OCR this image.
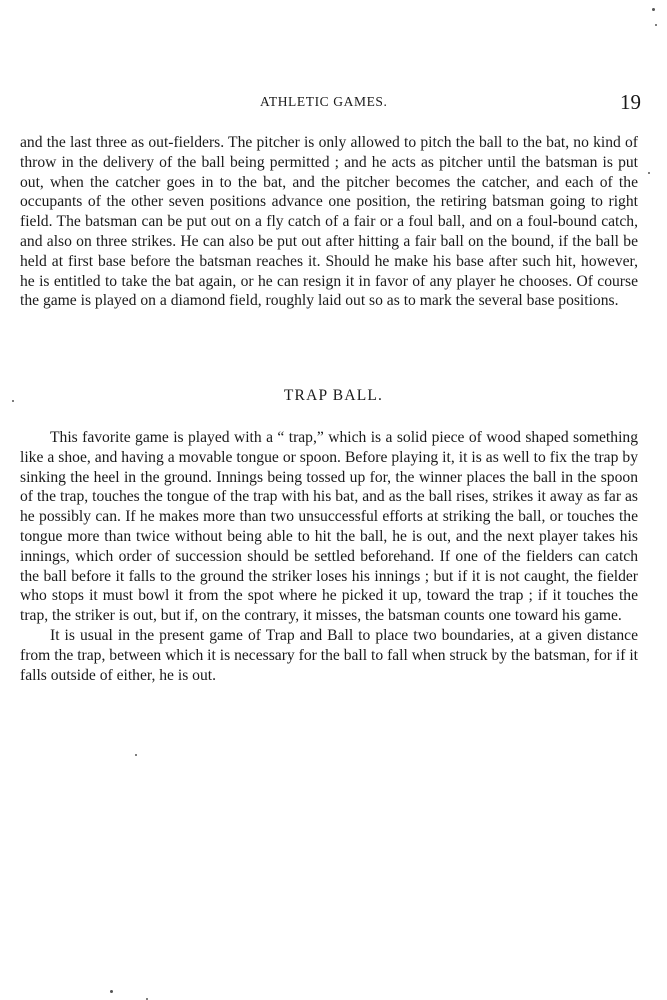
ATHLETIC GAMES.	19

and the last three as out-fielders. The pitcher is only allowed to pitch the ball to the bat, no kind of throw in the delivery of the ball being permitted ; and he acts as pitcher until the batsman is put out, when the catcher goes in to the bat, and the pitcher becomes the catcher, and each of the occupants of the other seven positions advance one position, the retiring batsman going to right field. The batsman can be put out on a fly catch of a fair or a foul ball, and on a foul-bound catch, and also on three strikes. He can also be put out after hitting a fair ball on the bound, if the ball be held at first base before the batsman reaches it. Should he make his base after such hit, however, he is entitled to take the bat again, or he can resign it in favor of any player he chooses. Of course the game is played on a diamond field, roughly laid out so as to mark the several base positions.

TRAP BALL.

This favorite game is played with a “ trap,” which is a solid piece of wood shaped something like a shoe, and having a movable tongue or spoon. Before playing it, it is as well to fix the trap by sinking the heel in the ground. Innings being tossed up for, the winner places the ball in the spoon of the trap, touches the tongue of the trap with his bat, and as the ball rises, strikes it away as far as he possibly can. If he makes more than two unsuccessful efforts at striking the ball, or touches the tongue more than twice without being able to hit the ball, he is out, and the next player takes his innings, which order of succession should be settled beforehand. If one of the fielders can catch the ball before it falls to the ground the striker loses his innings ; but if it is not caught, the fielder who stops it must bowl it from the spot where he picked it up, toward the trap ; if it touches the trap, the striker is out, but if, on the contrary, it misses, the batsman counts one toward his game.

It is usual in the present game of Trap and Ball to place two boundaries, at a given distance from the trap, between which it is necessary for the ball to fall when struck by the batsman, for if it falls outside of either, he is out.
